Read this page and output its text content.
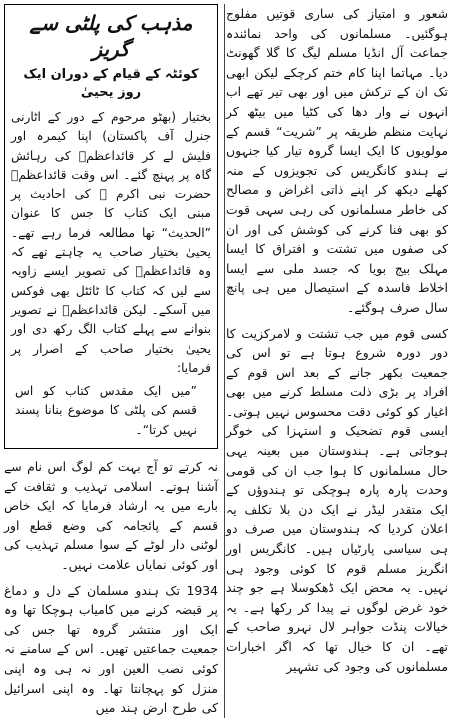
شعور و امتیاز کی ساری قوتیں مفلوج ہوگئیں۔ مسلمانوں کی واحد نمائندہ جماعت آل انڈیا مسلم لیگ کا گلا گھونٹ دیا۔ مہاتما اپنا کام ختم کرچکے لیکن ابھی تک ان کے ترکش میں اور بھی تیر تھے اب انہوں نے وار دھا کی کٹیا میں بیٹھ کر نہایت منظم طریقہ پر ”شریت“ قسم کے مولویوں کا ایک ایسا گروہ تیار کیا جنہوں نے ہندو کانگریس کی تجویزوں کے منہ کھلے دیکھ کر اپنے ذاتی اغراض و مصالح کی خاطر مسلمانوں کی رہی سہی قوت کو بھی فنا کرنے کی کوشش کی اور ان کی صفوں میں تشتت و افتراق کا ایسا مہلک بیج بویا کہ جسد ملی سے ایسا اخلاط فاسدہ کے استیصال میں ہی پانچ سال صرف ہوگئے۔

کسی قوم میں جب تشتت و لامرکزیت کا دور دورہ شروع ہوتا ہے تو اس کی جمعیت بکھر جانے کے بعد اس قوم کے افراد پر بڑی ذلت مسلط کرنے میں بھی اغیار کو کوئی دقت محسوس نہیں ہوتی۔ ایسی قوم تضحیک و استہزا کی خوگر ہوجاتی ہے۔ ہندوستان میں بعینہ یہی حال مسلمانوں کا ہوا جب ان کی قومی وحدت پارہ پارہ ہوچکی تو ہندوؤں کے ایک متقدر لیڈر نے ایک دن بلا تکلف یہ اعلان کردیا کہ ہندوستان میں صرف دو ہی سیاسی پارٹیاں ہیں۔ کانگریس اور انگریز مسلم قوم کا کوئی وجود ہی نہیں۔ یہ محض ایک ڈھکوسلا ہے جو چند خود غرض لوگوں نے پیدا کر رکھا ہے۔ یہ خیالات پنڈت جواہر لال نہرو صاحب کے تھے۔ ان کا خیال تھا کہ اگر اخبارات مسلمانوں کی وجود کی تشہیر

مذہب کی پلٹی سے گریز
کوئٹہ کے قیام کے دوران ایک روز یحییٰ

بختیار (بھٹو مرحوم کے دور کے اٹارنی جنرل آف پاکستان) اپنا کیمرہ اور فلیش لے کر قائداعظمؒ کی رہائش گاہ پر پہنچ گئے۔ اس وقت قائداعظمؒ حضرت نبی اکرم ﷺ کی احادیث پر مبنی ایک کتاب کا جس کا عنوان ”الحدیث“ تھا مطالعہ فرما رہے تھے۔ یحییٰ بختیار صاحب یہ چاہتے تھے کہ وہ قائداعظمؒ کی تصویر ایسے زاویہ سے لیں کہ کتاب کا ٹائٹل بھی فوکس میں آسکے۔ لیکن قائداعظمؒ نے تصویر بنوانے سے پہلے کتاب الگ رکھ دی اور یحییٰ بختیار صاحب کے اصرار پر فرمایا:

”میں ایک مقدس کتاب کو اس قسم کی پلٹی کا موضوع بنانا پسند نہیں کرتا“۔

نہ کرتے تو آج بہت کم لوگ اس نام سے آشنا ہوتے۔ اسلامی تہذیب و ثقافت کے بارے میں یہ ارشاد فرمایا کہ ایک خاص قسم کے پائجامہ کی وضع قطع اور لوٹنی دار لوٹے کے سوا مسلم تہذیب کی اور کوئی نمایاں علامت نہیں۔

1934 تک ہندو مسلمان کے دل و دماغ پر قبضہ کرنے میں کامیاب ہوچکا تھا وہ ایک اور منتشر گروہ تھا جس کی جمعیت جماعتیں تھیں۔ اس کے سامنے نہ کوئی نصب العین اور نہ ہی وہ اپنی منزل کو پہچانتا تھا۔ وہ اپنی اسرائیل کی طرح ارض ہند میں
